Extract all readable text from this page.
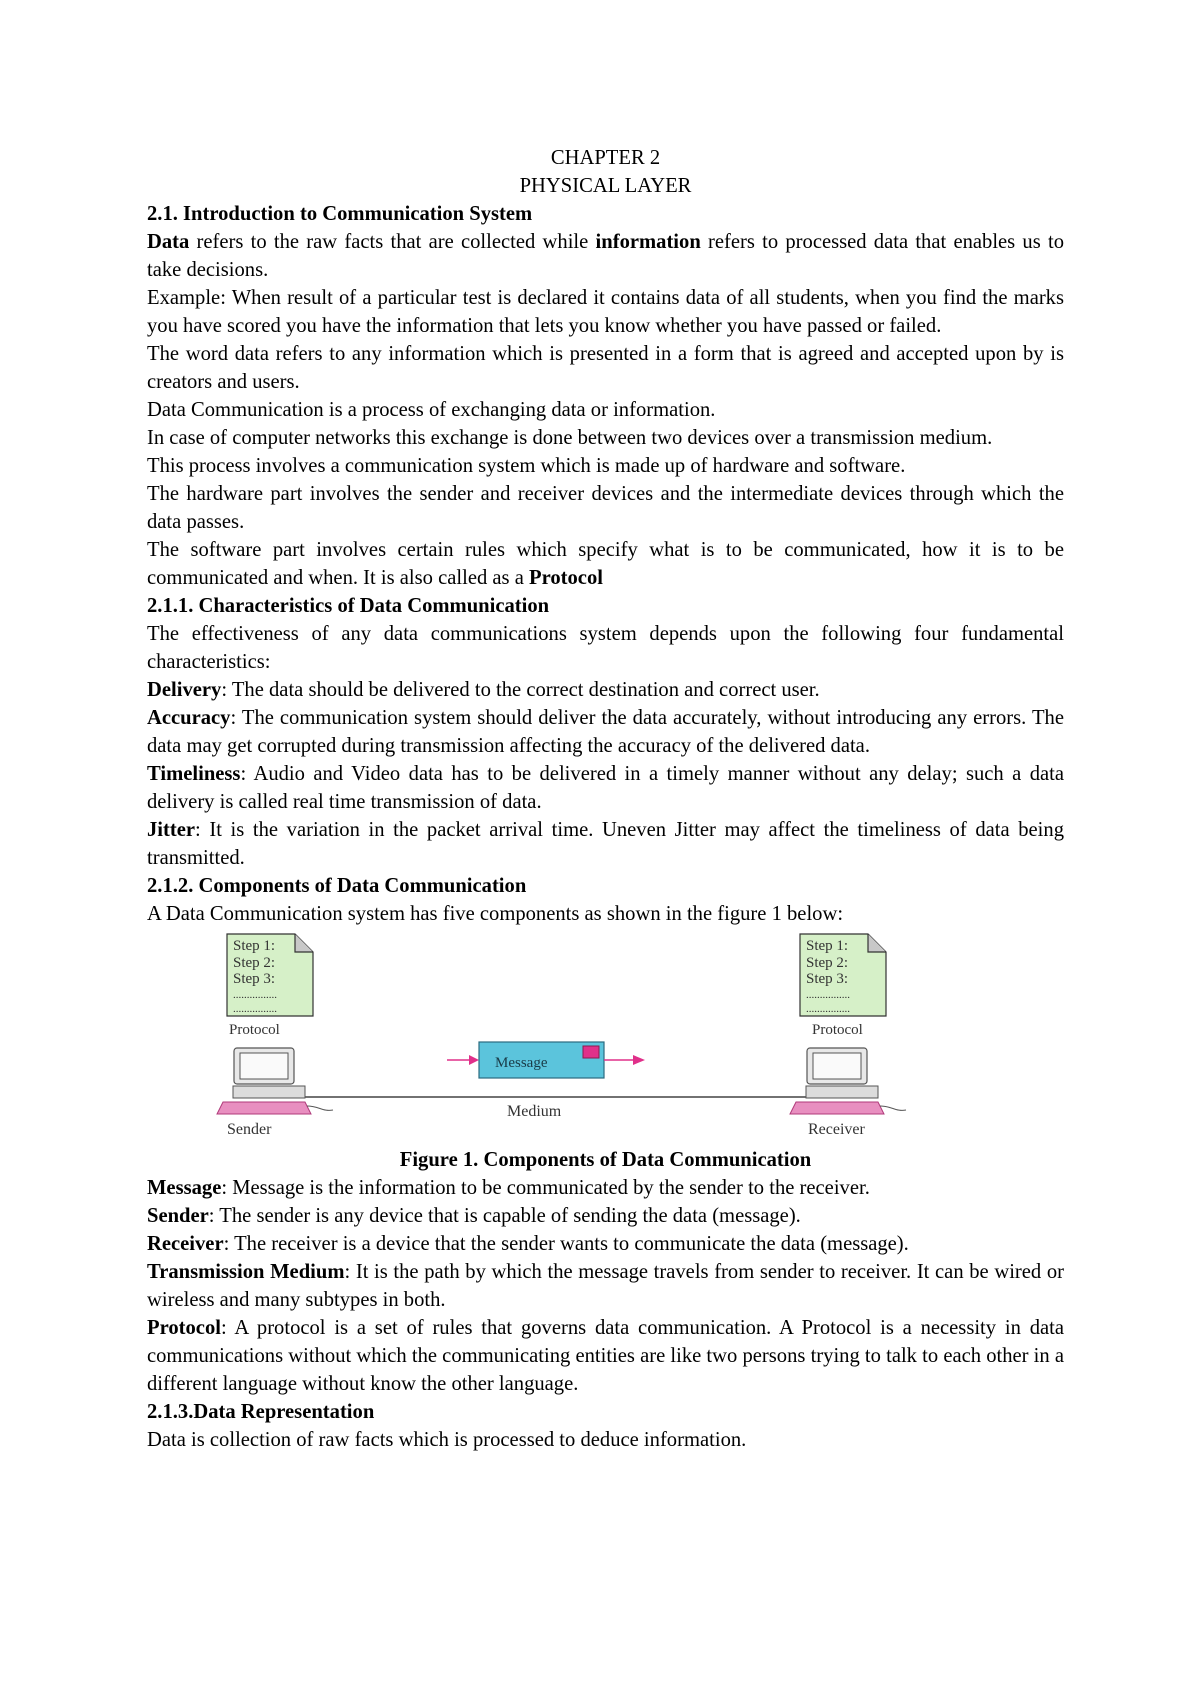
CHAPTER 2

PHYSICAL LAYER

2.1. Introduction to Communication System

Data refers to the raw facts that are collected while information refers to processed data that enables us to take decisions.

Example: When result of a particular test is declared it contains data of all students, when you find the marks you have scored you have the information that lets you know whether you have passed or failed.

The word data refers to any information which is presented in a form that is agreed and accepted upon by is creators and users.

Data Communication is a process of exchanging data or information.

In case of computer networks this exchange is done between two devices over a transmission medium.

This process involves a communication system which is made up of hardware and software.

The hardware part involves the sender and receiver devices and the intermediate devices through which the data passes.

The software part involves certain rules which specify what is to be communicated, how it is to be communicated and when. It is also called as a Protocol

2.1.1. Characteristics of Data Communication

The effectiveness of any data communications system depends upon the following four fundamental characteristics:

Delivery: The data should be delivered to the correct destination and correct user.

Accuracy: The communication system should deliver the data accurately, without introducing any errors. The data may get corrupted during transmission affecting the accuracy of the delivered data.

Timeliness: Audio and Video data has to be delivered in a timely manner without any delay; such a data delivery is called real time transmission of data.

Jitter: It is the variation in the packet arrival time. Uneven Jitter may affect the timeliness of data being transmitted.

2.1.2. Components of Data Communication

A Data Communication system has five components as shown in the figure 1 below:

Step 1:
Step 2:
Step 3:
................
................
Protocol
Step 1:
Step 2:
Step 3:
................
................
Protocol
Sender	Receiver
Message
Medium

Figure 1. Components of Data Communication

Message: Message is the information to be communicated by the sender to the receiver.

Sender: The sender is any device that is capable of sending the data (message).

Receiver: The receiver is a device that the sender wants to communicate the data (message).

Transmission Medium: It is the path by which the message travels from sender to receiver. It can be wired or wireless and many subtypes in both.

Protocol: A protocol is a set of rules that governs data communication. A Protocol is a necessity in data communications without which the communicating entities are like two persons trying to talk to each other in a different language without know the other language.

2.1.3.Data Representation

Data is collection of raw facts which is processed to deduce information.
